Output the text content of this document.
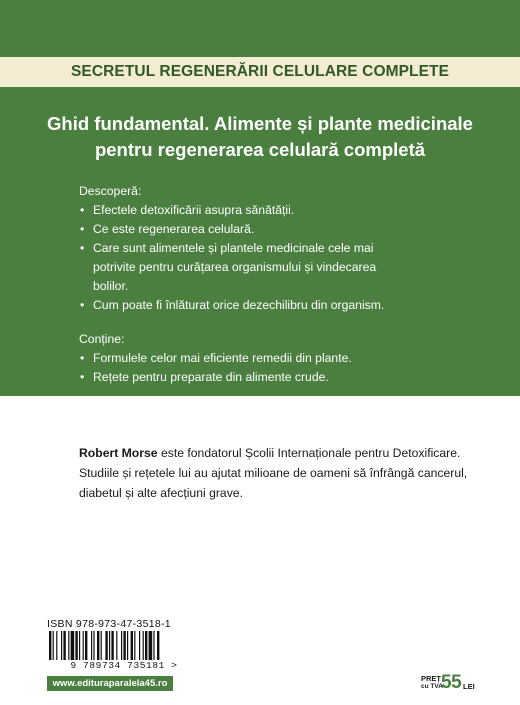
SECRETUL REGENERĂRII CELULARE COMPLETE
Ghid fundamental. Alimente și plante medicinale
pentru regenerarea celulară completă
Descoperă:
• Efectele detoxificării asupra sănătății.
• Ce este regenerarea celulară.
• Care sunt alimentele și plantele medicinale cele mai
potrivite pentru curățarea organismului și vindecarea
bolilor.
• Cum poate fi înlăturat orice dezechilibru din organism.
Conține:
• Formulele celor mai eficiente remedii din plante.
• Rețete pentru preparate din alimente crude.
Robert Morse este fondatorul Școlii Internaționale pentru Detoxificare.
Studiile și rețetele lui au ajutat milioane de oameni să înfrângă cancerul,
diabetul și alte afecțiuni grave.
ISBN 978-973-47-3518-1
9 789734 735181 >
www.edituraparalela45.ro	PREȚ
cu TVA
55 LEI
